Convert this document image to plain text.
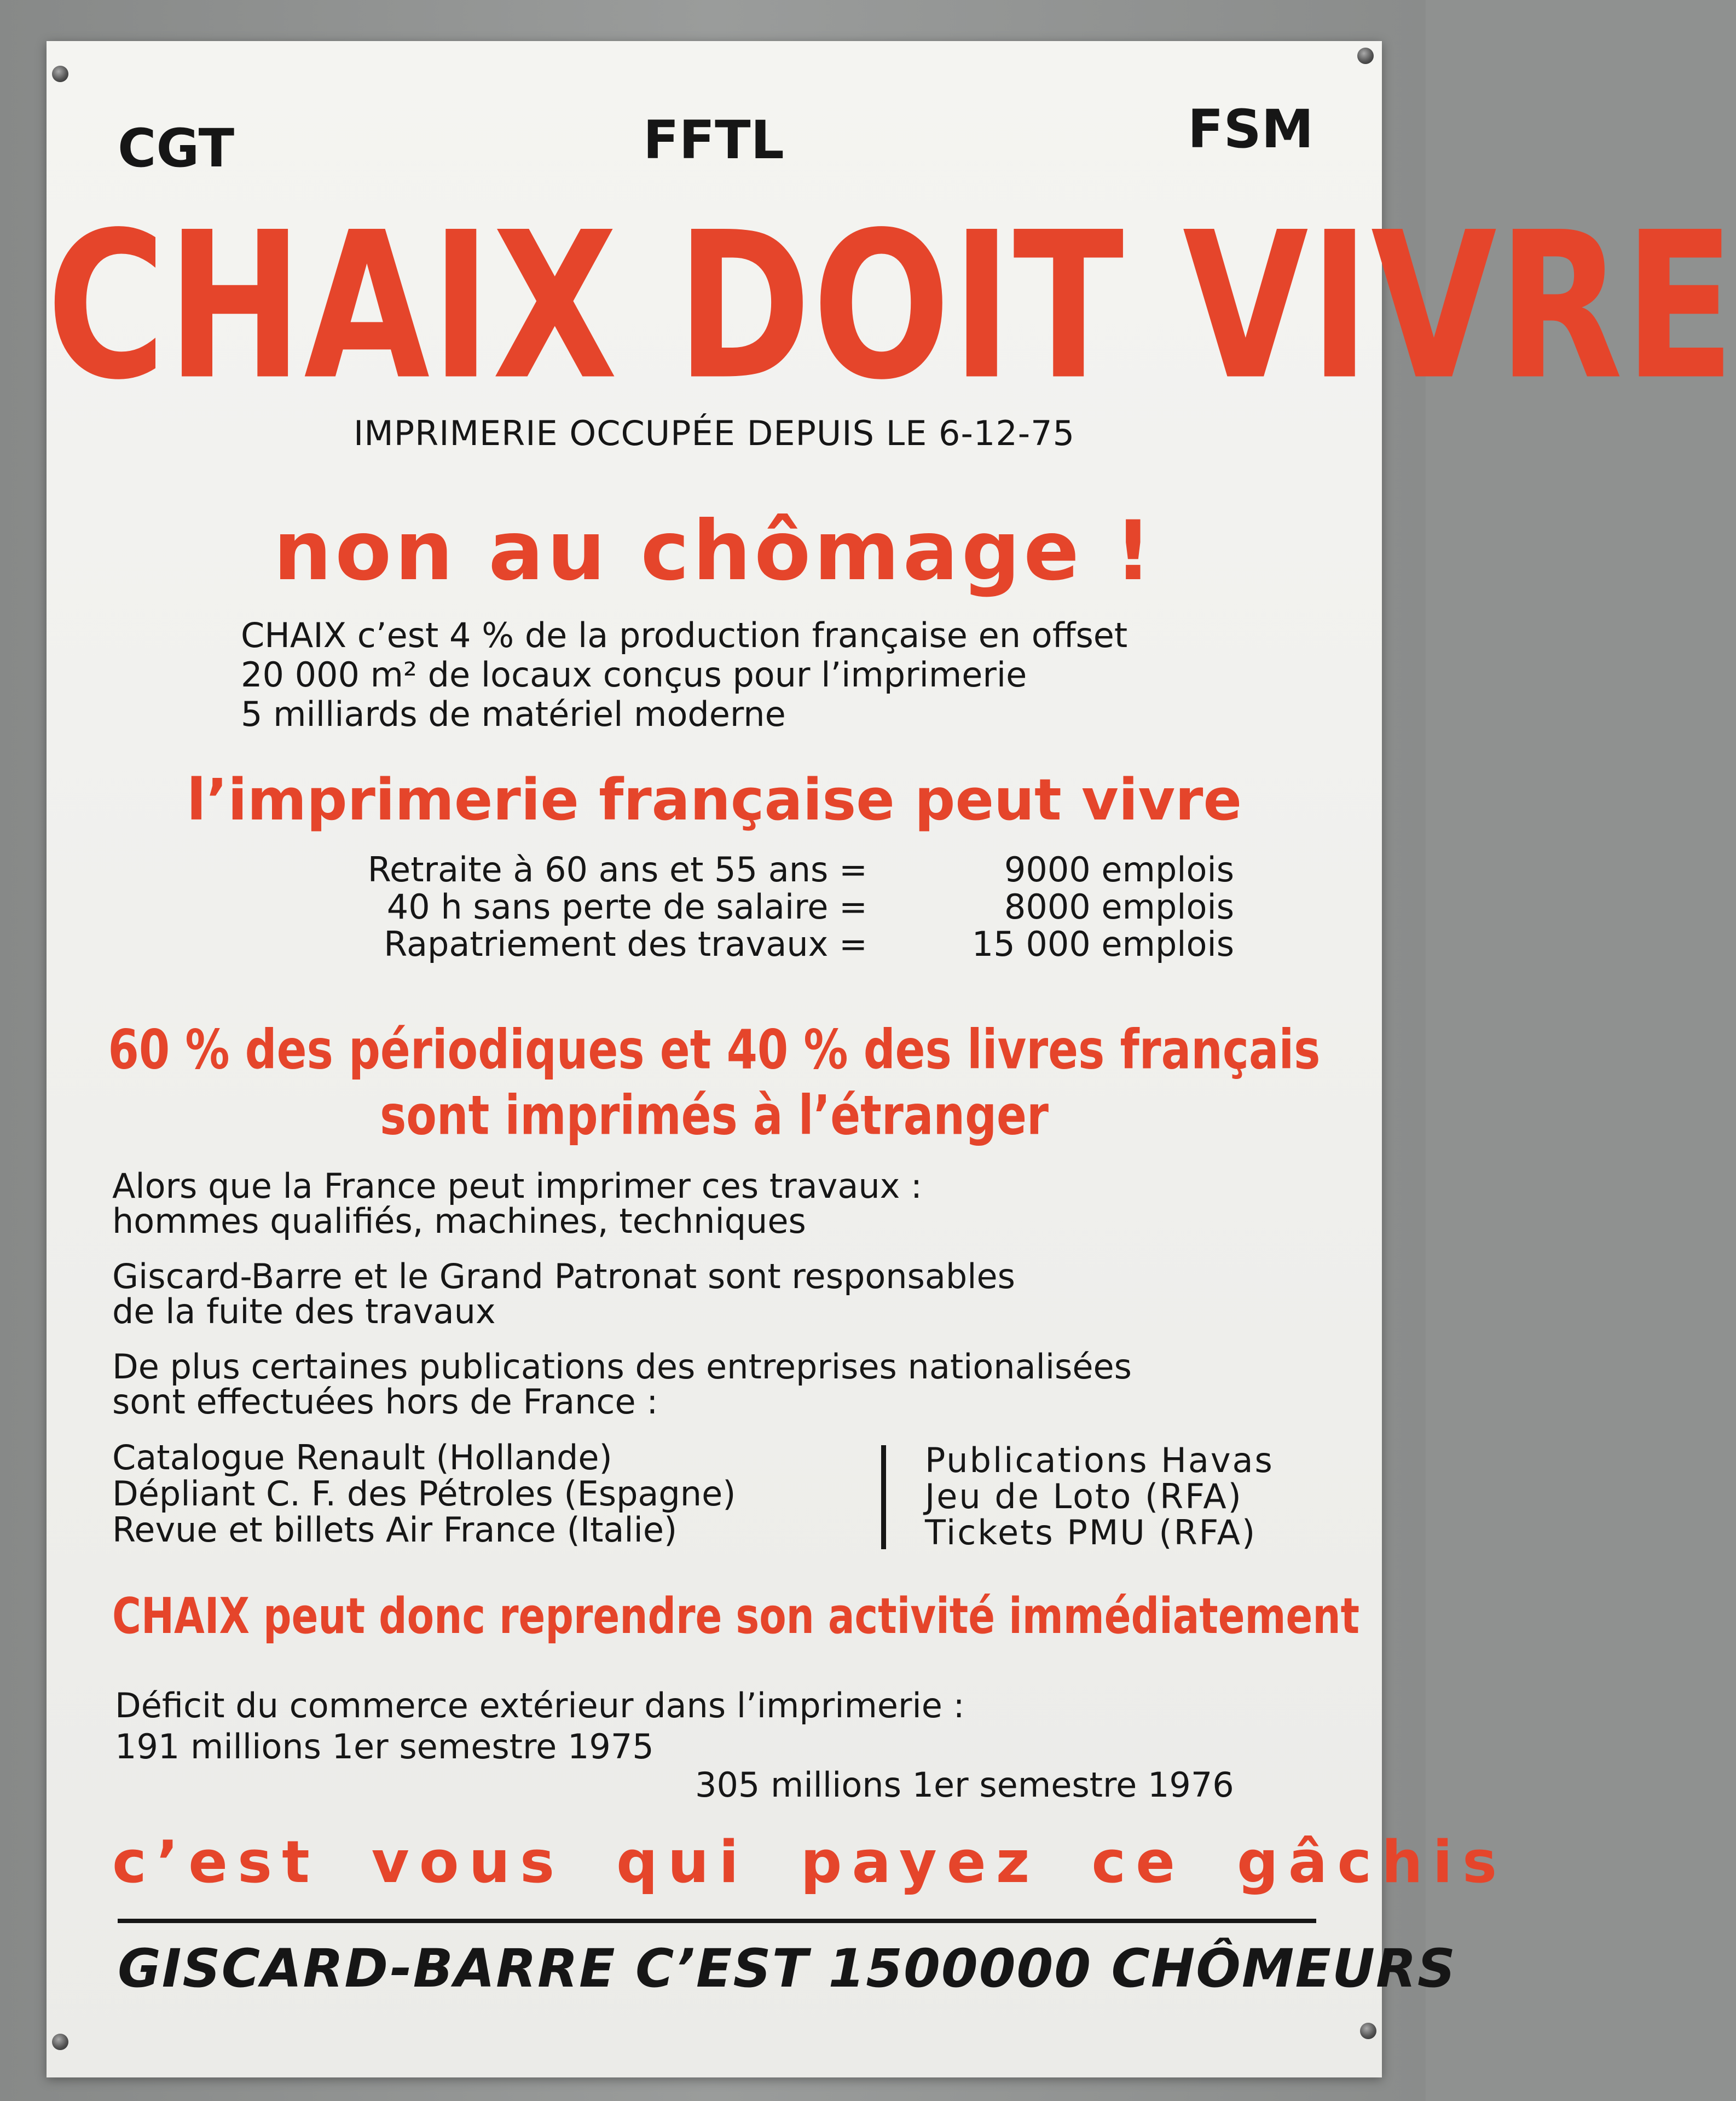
CGT	FFTL	FSM
CHAIX DOIT VIVRE
IMPRIMERIE OCCUPÉE DEPUIS LE 6-12-75
non au chômage !
CHAIX c’est 4 % de la production française en offset
20 000 m² de locaux conçus pour l’imprimerie
5 milliards de matériel moderne
l’imprimerie française peut vivre
Retraite à 60 ans et 55 ans =
40 h sans perte de salaire =
Rapatriement des travaux =
9000 emplois
8000 emplois
15 000 emplois
60 % des périodiques et 40 % des livres français
sont imprimés à l’étranger
Alors que la France peut imprimer ces travaux :
hommes qualifiés, machines, techniques
Giscard-Barre et le Grand Patronat sont responsables
de la fuite des travaux
De plus certaines publications des entreprises nationalisées
sont effectuées hors de France :
Catalogue Renault (Hollande)
Dépliant C. F. des Pétroles (Espagne)
Revue et billets Air France (Italie)
Publications Havas
Jeu de Loto (RFA)
Tickets PMU (RFA)
CHAIX peut donc reprendre son activité immédiatement
Déficit du commerce extérieur dans l’imprimerie :
191 millions 1er semestre 1975
305 millions 1er semestre 1976
c’est vous qui payez ce gâchis
GISCARD-BARRE C’EST 1500000 CHÔMEURS
